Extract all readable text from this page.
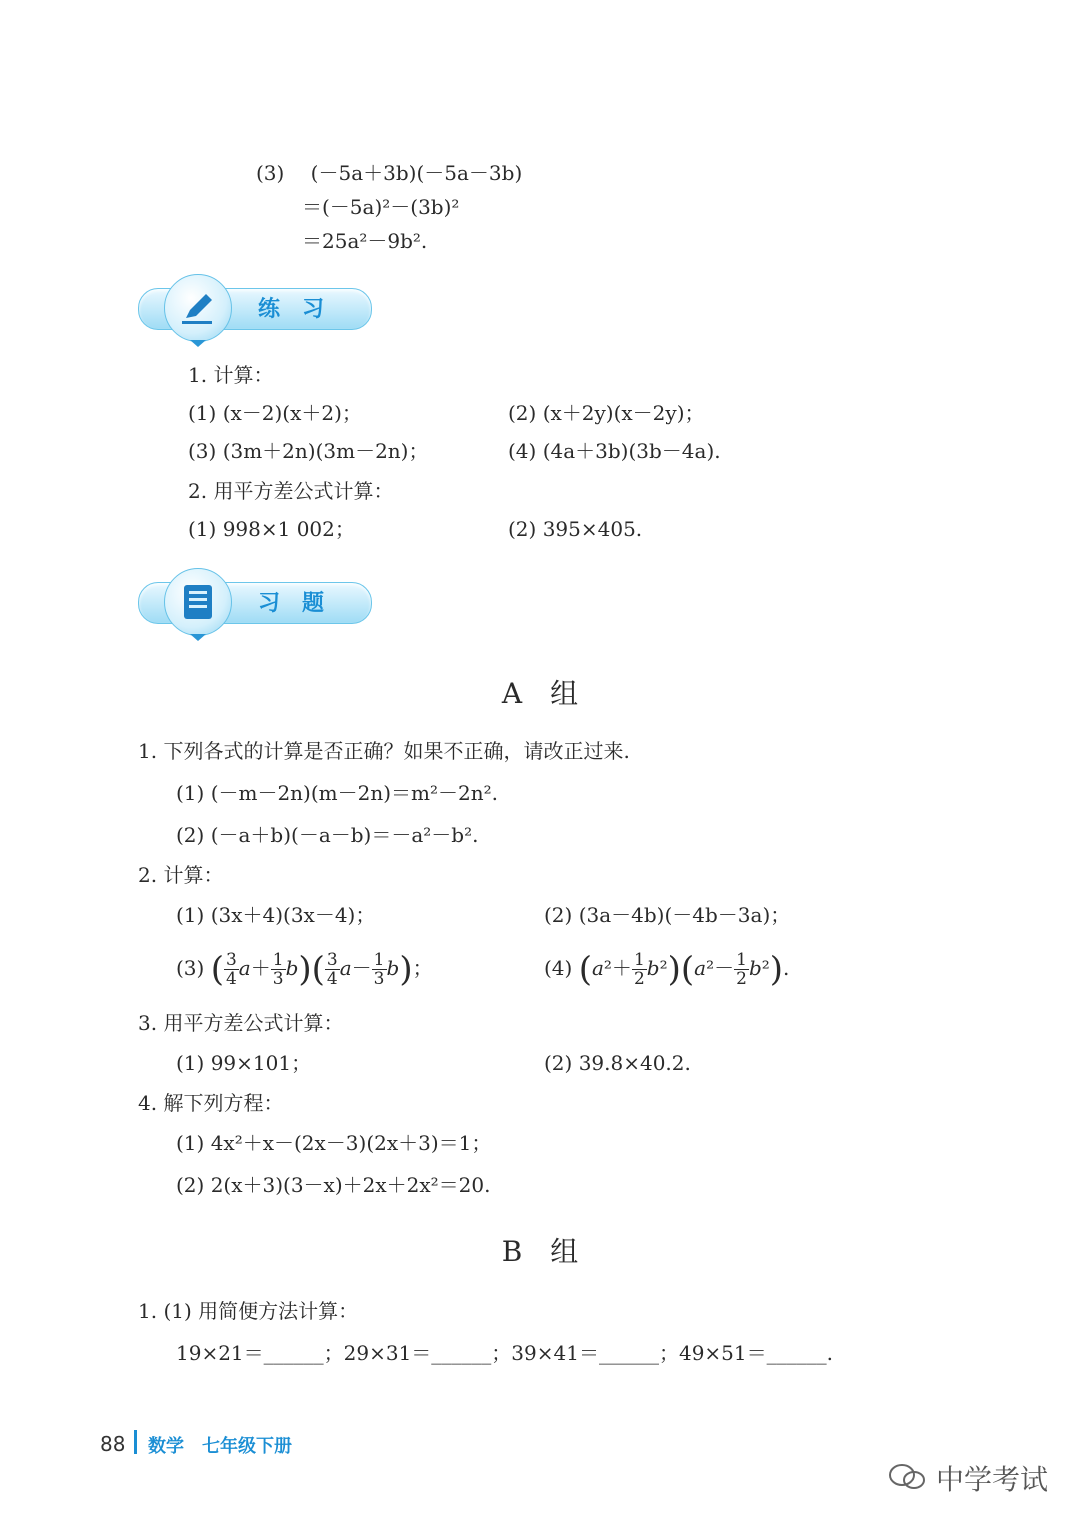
(3)　 (－5a＋3b)(－5a－3b)
＝(－5a)²－(3b)²
＝25a²－9b².
练习
1. 计算：
(1) (x－2)(x＋2)；	(2) (x＋2y)(x－2y)；
(3) (3m＋2n)(3m－2n)；	(4) (4a＋3b)(3b－4a).
2. 用平方差公式计算：
(1) 998×1 002；	(2) 395×405.
习题
A　组
1. 下列各式的计算是否正确？如果不正确，请改正过来.
(1) (－m－2n)(m－2n)＝m²－2n².
(2) (－a＋b)(－a－b)＝－a²－b².
2. 计算：
(1) (3x＋4)(3x－4)；	(2) (3a－4b)(－4b－3a)；
(3) ( $\frac{3}{4} a+ \frac{1}{3} b)( \frac{3}{4} a- \frac{1}{3} b)$；	(4) $(a^2+ \frac{1}{2} b^2)(a^2- \frac{1}{2} b^2)$.
3. 用平方差公式计算：
(1) 99×101；	(2) 39.8×40.2.
4. 解下列方程：
(1) 4x²＋x－(2x－3)(2x＋3)＝1；
(2) 2(x＋3)(3－x)＋2x＋2x²＝20.
B　组
1. (1) 用简便方法计算：
19×21＝______；29×31＝______；39×41＝______；49×51＝______.
88 数学　七年级下册
中学考试
